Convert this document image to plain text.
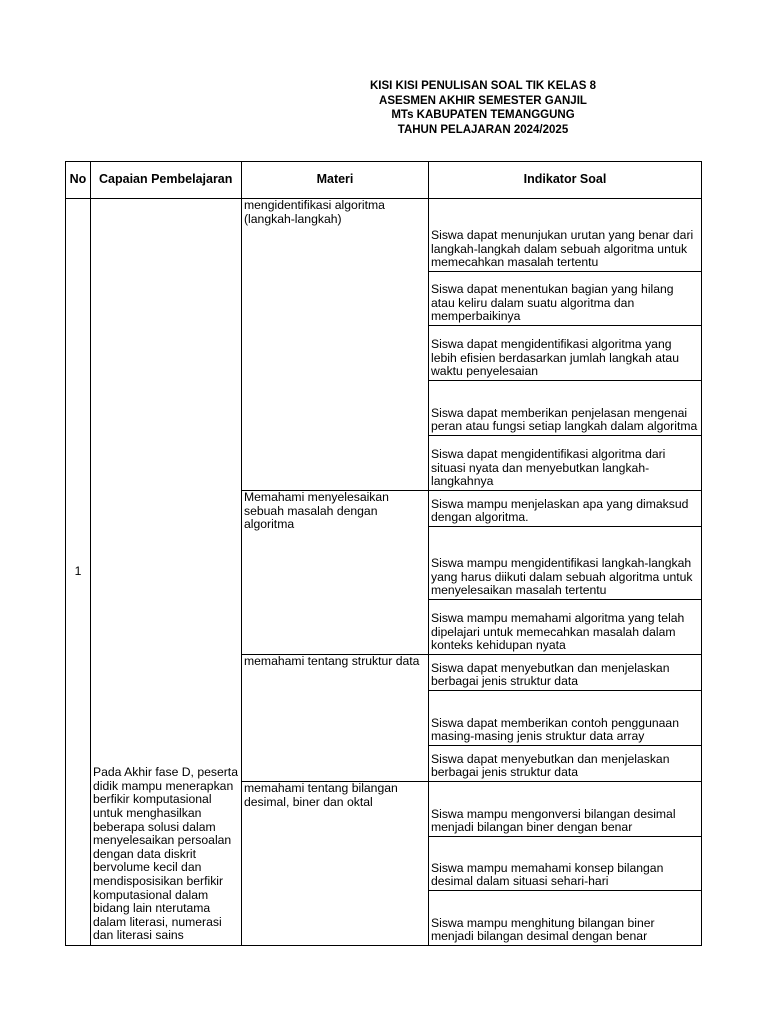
KISI KISI PENULISAN SOAL TIK KELAS 8
ASESMEN AKHIR SEMESTER GANJIL
MTs KABUPATEN TEMANGGUNG
TAHUN PELAJARAN 2024/2025
No	Capaian Pembelajaran	Materi	Indikator Soal
1	Pada Akhir fase D, peserta didik mampu menerapkan berfikir komputasional untuk menghasilkan beberapa solusi dalam menyelesaikan persoalan dengan data diskrit bervolume kecil dan mendisposisikan berfikir komputasional dalam bidang lain nterutama dalam literasi, numerasi dan literasi sains	mengidentifikasi algoritma (langkah-langkah)	Siswa dapat menunjukan urutan yang benar dari langkah-langkah dalam sebuah algoritma untuk memecahkan masalah tertentu
			Siswa dapat menentukan bagian yang hilang atau keliru dalam suatu algoritma dan memperbaikinya
			Siswa dapat mengidentifikasi algoritma yang lebih efisien berdasarkan jumlah langkah atau waktu penyelesaian
			Siswa dapat memberikan penjelasan mengenai peran atau fungsi setiap langkah dalam algoritma
			Siswa dapat mengidentifikasi algoritma dari situasi nyata dan menyebutkan langkah-langkahnya
		Memahami menyelesaikan sebuah masalah dengan algoritma	Siswa mampu menjelaskan apa yang dimaksud dengan algoritma.
			Siswa mampu mengidentifikasi langkah-langkah yang harus diikuti dalam sebuah algoritma untuk menyelesaikan masalah tertentu
			Siswa mampu memahami algoritma yang telah dipelajari untuk memecahkan masalah dalam konteks kehidupan nyata
		memahami tentang struktur data	Siswa dapat menyebutkan dan menjelaskan berbagai jenis struktur data
			Siswa dapat memberikan contoh penggunaan masing-masing jenis struktur data array
			Siswa dapat menyebutkan dan menjelaskan berbagai jenis struktur data
		memahami tentang bilangan desimal, biner dan oktal	Siswa mampu mengonversi bilangan desimal menjadi bilangan biner dengan benar
			Siswa mampu memahami konsep bilangan desimal dalam situasi sehari-hari
			Siswa mampu menghitung bilangan biner menjadi bilangan desimal dengan benar
